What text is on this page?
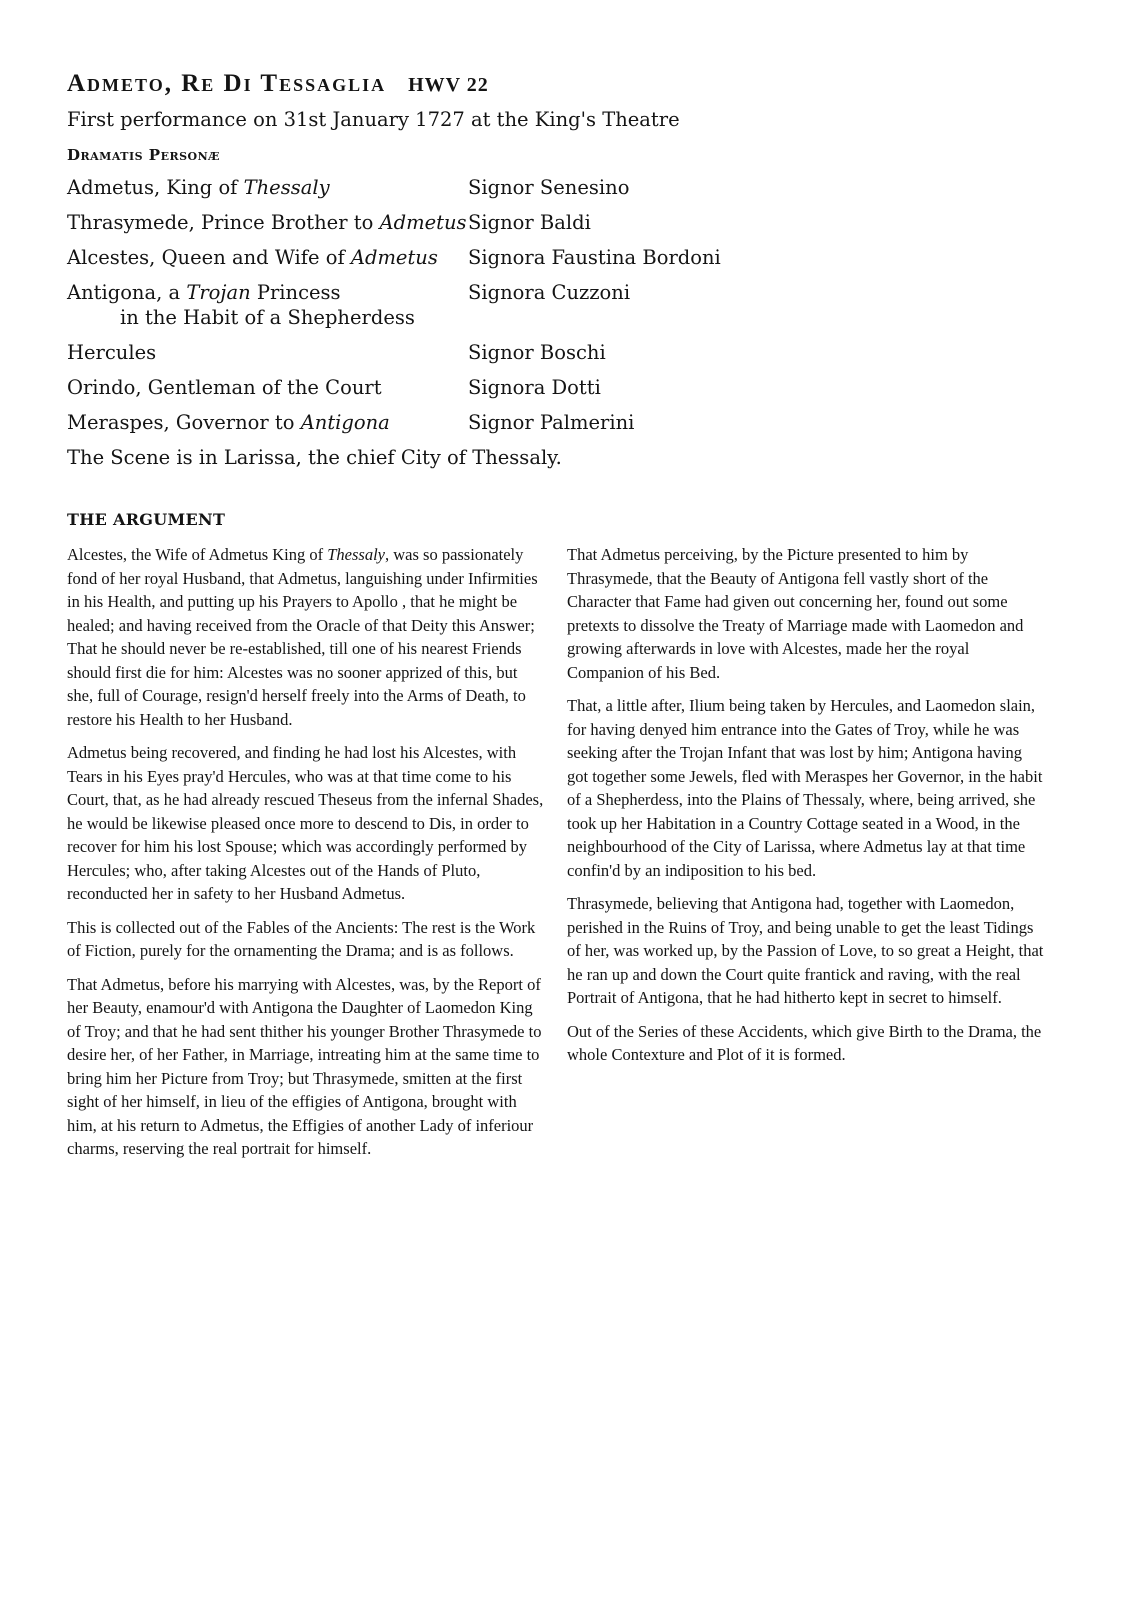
Admeto, Re Di Tessaglia HWV 22

First performance on 31st January 1727 at the King's Theatre

Dramatis Personæ
Admetus, King of Thessaly	Signor Senesino
Thrasymede, Prince Brother to Admetus Signor Baldi
Alcestes, Queen and Wife of Admetus	Signora Faustina Bordoni
Antigona, a Trojan Princess
in the Habit of a Shepherdess
Signora Cuzzoni
Hercules	Signor Boschi
Orindo, Gentleman of the Court	Signora Dotti
Meraspes, Governor to Antigona	Signor Palmerini

The Scene is in Larissa, the chief City of Thessaly.

THE ARGUMENT

Alcestes, the Wife of Admetus King of Thessaly, was so passionately fond of her royal Husband, that Admetus, languishing under Infirmities in his Health, and putting up his Prayers to Apollo , that he might be healed; and having received from the Oracle of that Deity this Answer; That he should never be re-established, till one of his nearest Friends should first die for him: Alcestes was no sooner apprized of this, but she, full of Courage, resign'd herself freely into the Arms of Death, to restore his Health to her Husband.

Admetus being recovered, and finding he had lost his Alcestes, with Tears in his Eyes pray'd Hercules, who was at that time come to his Court, that, as he had already rescued Theseus from the infernal Shades, he would be likewise pleased once more to descend to Dis, in order to recover for him his lost Spouse; which was accordingly performed by Hercules; who, after taking Alcestes out of the Hands of Pluto, reconducted her in safety to her Husband Admetus.

This is collected out of the Fables of the Ancients: The rest is the Work of Fiction, purely for the ornamenting the Drama; and is as follows.

That Admetus, before his marrying with Alcestes, was, by the Report of her Beauty, enamour'd with Antigona the Daughter of Laomedon King of Troy; and that he had sent thither his younger Brother Thrasymede to desire her, of her Father, in Marriage, intreating him at the same time to bring him her Picture from Troy; but Thrasymede, smitten at the first sight of her himself, in lieu of the effigies of Antigona, brought with him, at his return to Admetus, the Effigies of another Lady of inferiour charms, reserving the real portrait for himself.

That Admetus perceiving, by the Picture presented to him by Thrasymede, that the Beauty of Antigona fell vastly short of the Character that Fame had given out concerning her, found out some pretexts to dissolve the Treaty of Marriage made with Laomedon and growing afterwards in love with Alcestes, made her the royal Companion of his Bed.

That, a little after, Ilium being taken by Hercules, and Laomedon slain, for having denyed him entrance into the Gates of Troy, while he was seeking after the Trojan Infant that was lost by him; Antigona having got together some Jewels, fled with Meraspes her Governor, in the habit of a Shepherdess, into the Plains of Thessaly, where, being arrived, she took up her Habitation in a Country Cottage seated in a Wood, in the neighbourhood of the City of Larissa, where Admetus lay at that time confin'd by an indiposition to his bed.

Thrasymede, believing that Antigona had, together with Laomedon, perished in the Ruins of Troy, and being unable to get the least Tidings of her, was worked up, by the Passion of Love, to so great a Height, that he ran up and down the Court quite frantick and raving, with the real Portrait of Antigona, that he had hitherto kept in secret to himself.

Out of the Series of these Accidents, which give Birth to the Drama, the whole Contexture and Plot of it is formed.
